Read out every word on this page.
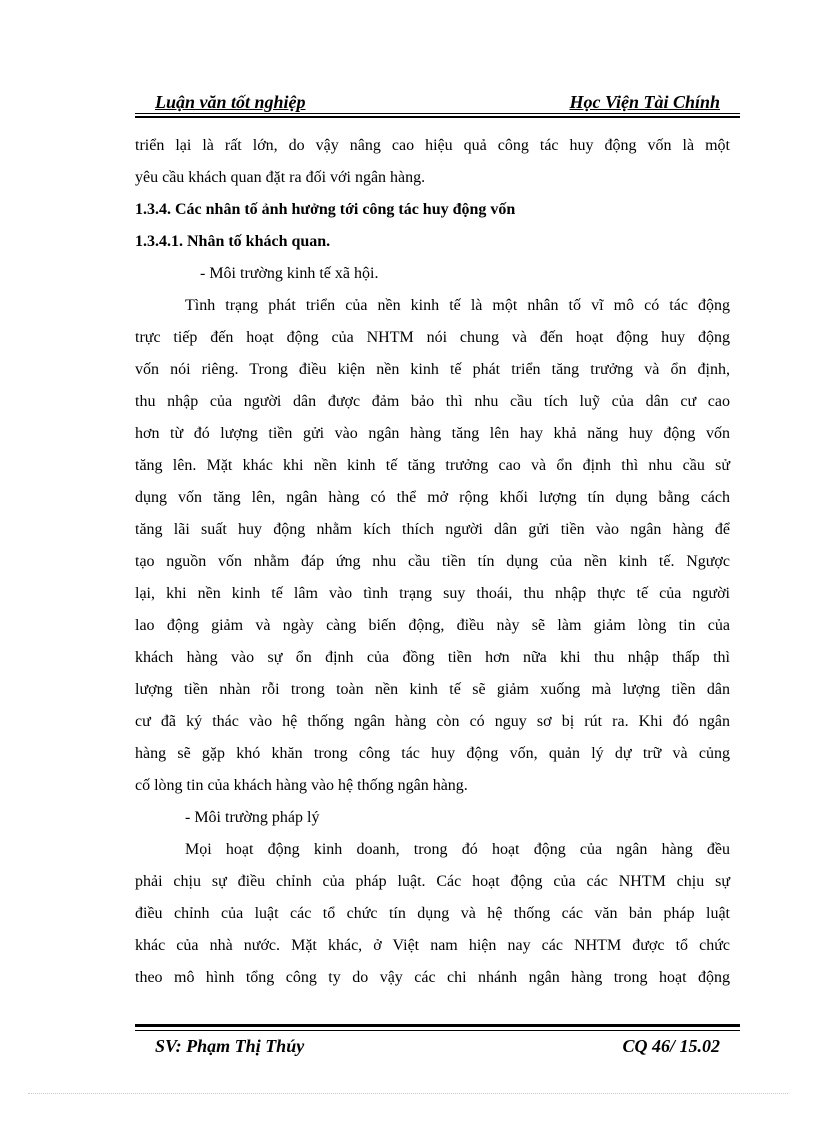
Luận văn tốt nghiệp	Học Viện Tài Chính
triển lại là rất lớn, do vậy nâng cao hiệu quả công tác huy động vốn là một
yêu cầu khách quan đặt ra đối với ngân hàng.
1.3.4. Các nhân tố ảnh hưởng tới công tác huy động vốn
1.3.4.1. Nhân tố khách quan.
- Môi trường kinh tế xã hội.
Tình trạng phát triển của nền kinh tế là một nhân tố vĩ mô có tác động
trực tiếp đến hoạt động của NHTM nói chung và đến hoạt động huy động
vốn nói riêng. Trong điều kiện nền kinh tế phát triển tăng trưởng và ổn định,
thu nhập của người dân được đảm bảo thì nhu cầu tích luỹ của dân cư cao
hơn từ đó lượng tiền gửi vào ngân hàng tăng lên hay khả năng huy động vốn
tăng lên. Mặt khác khi nền kinh tế tăng trưởng cao và ổn định thì nhu cầu sử
dụng vốn tăng lên, ngân hàng có thể mở rộng khối lượng tín dụng bằng cách
tăng lãi suất huy động nhằm kích thích người dân gửi tiền vào ngân hàng để
tạo nguồn vốn nhằm đáp ứng nhu cầu tiền tín dụng của nền kinh tế. Ngược
lại, khi nền kinh tế lâm vào tình trạng suy thoái, thu nhập thực tế của người
lao động giảm và ngày càng biến động, điều này sẽ làm giảm lòng tin của
khách hàng vào sự ổn định của đồng tiền hơn nữa khi thu nhập thấp thì
lượng tiền nhàn rỗi trong toàn nền kinh tế sẽ giảm xuống mà lượng tiền dân
cư đã ký thác vào hệ thống ngân hàng còn có nguy sơ bị rút ra. Khi đó ngân
hàng sẽ gặp khó khăn trong công tác huy động vốn, quản lý dự trữ và củng
cố lòng tin của khách hàng vào hệ thống ngân hàng.
- Môi trường pháp lý
Mọi hoạt động kinh doanh, trong đó hoạt động của ngân hàng đều
phải chịu sự điều chỉnh của pháp luật. Các hoạt động của các NHTM chịu sự
điều chỉnh của luật các tổ chức tín dụng và hệ thống các văn bản pháp luật
khác của nhà nước. Mặt khác, ở Việt nam hiện nay các NHTM được tổ chức
theo mô hình tổng công ty do vậy các chi nhánh ngân hàng trong hoạt động
SV: Phạm Thị Thúy	CQ 46/ 15.02
